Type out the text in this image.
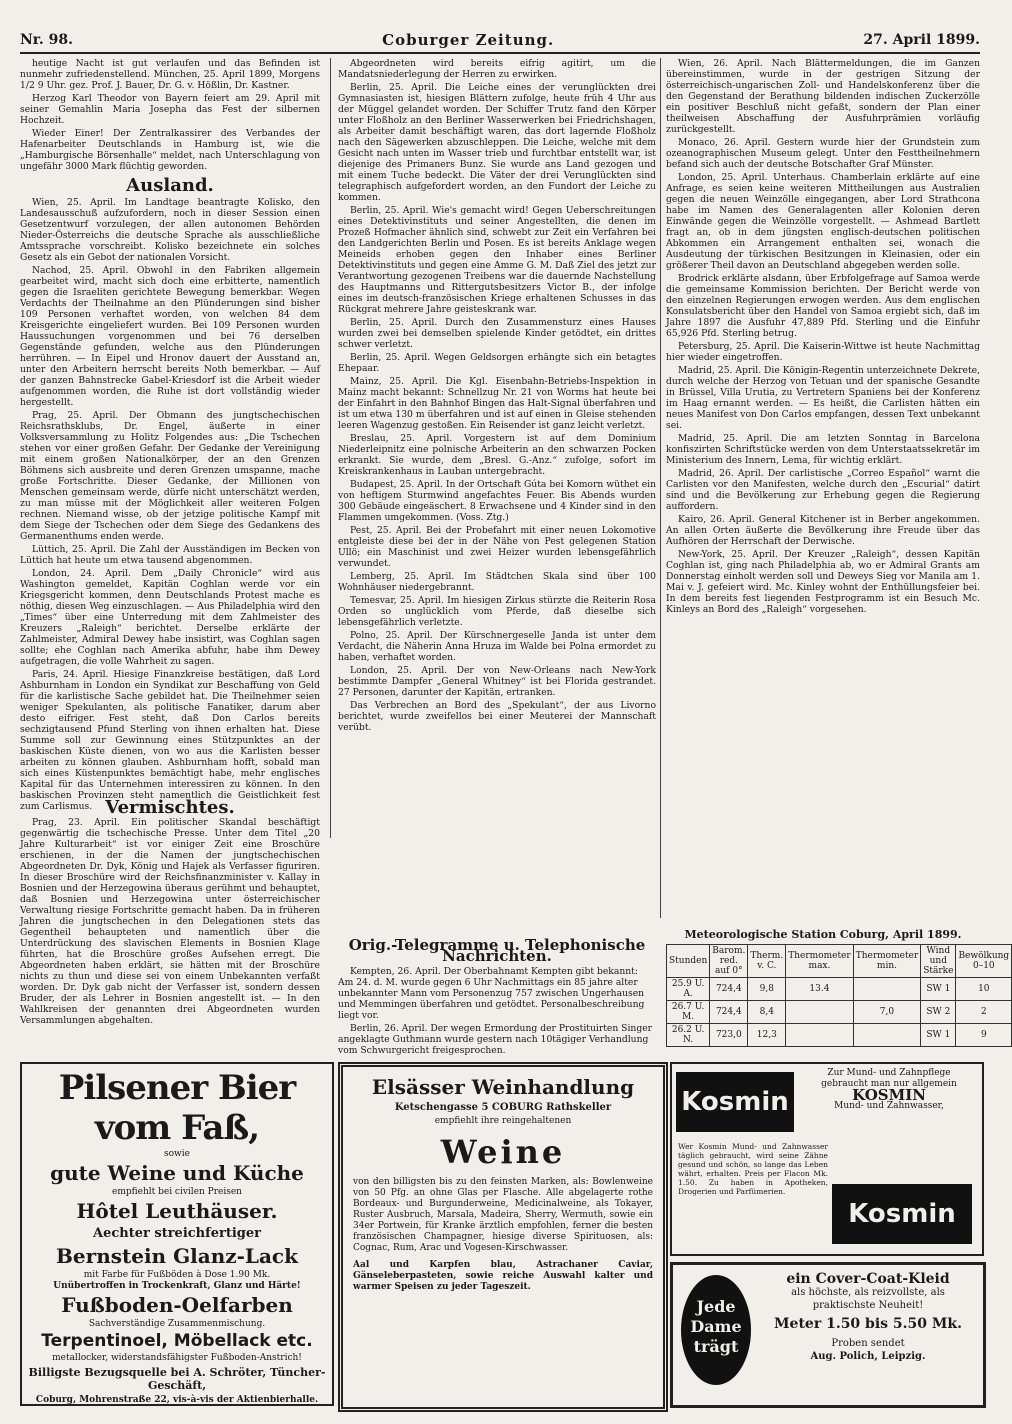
Nr. 98.	Coburger Zeitung.	27. April 1899.

heutige Nacht ist gut verlaufen und das Befinden ist nunmehr zufriedenstellend. München, 25. April 1899, Morgens 1/2 9 Uhr. gez. Prof. J. Bauer, Dr. G. v. Hößlin, Dr. Kastner.

Herzog Karl Theodor von Bayern feiert am 29. April mit seiner Gemahlin Maria Josepha das Fest der silbernen Hochzeit.

Wieder Einer! Der Zentralkassirer des Verbandes der Hafenarbeiter Deutschlands in Hamburg ist, wie die „Hamburgische Börsenhalle“ meldet, nach Unterschlagung von ungefähr 3000 Mark flüchtig geworden.

Ausland.

Wien, 25. April. Im Landtage beantragte Kolisko, den Landesausschuß aufzufordern, noch in dieser Session einen Gesetzentwurf vorzulegen, der allen autonomen Behörden Nieder-Österreichs die deutsche Sprache als ausschließliche Amtssprache vorschreibt. Kolisko bezeichnete ein solches Gesetz als ein Gebot der nationalen Vorsicht.

Nachod, 25. April. Obwohl in den Fabriken allgemein gearbeitet wird, macht sich doch eine erbitterte, namentlich gegen die Israeliten gerichtete Bewegung bemerkbar. Wegen Verdachts der Theilnahme an den Plünderungen sind bisher 109 Personen verhaftet worden, von welchen 84 dem Kreisgerichte eingeliefert wurden. Bei 109 Personen wurden Haussuchungen vorgenommen und bei 76 derselben Gegenstände gefunden, welche aus den Plünderungen herrühren. — In Eipel und Hronov dauert der Ausstand an, unter den Arbeitern herrscht bereits Noth bemerkbar. — Auf der ganzen Bahnstrecke Gabel-Kriesdorf ist die Arbeit wieder aufgenommen worden, die Ruhe ist dort vollständig wieder hergestellt.

Prag, 25. April. Der Obmann des jungtschechischen Reichsrathsklubs, Dr. Engel, äußerte in einer Volksversammlung zu Holitz Folgendes aus: „Die Tschechen stehen vor einer großen Gefahr. Der Gedanke der Vereinigung mit einem großen Nationalkörper, der an den Grenzen Böhmens sich ausbreite und deren Grenzen umspanne, mache große Fortschritte. Dieser Gedanke, der Millionen von Menschen gemeinsam werde, dürfe nicht unterschätzt werden, zu man müsse mit der Möglichkeit aller weiteren Folgen rechnen. Niemand wisse, ob der jetzige politische Kampf mit dem Siege der Tschechen oder dem Siege des Gedankens des Germanenthums enden werde.

Lüttich, 25. April. Die Zahl der Ausständigen im Becken von Lüttich hat heute um etwa tausend abgenommen.

London, 24. April. Dem „Daily Chronicle“ wird aus Washington gemeldet, Kapitän Coghlan werde vor ein Kriegsgericht kommen, denn Deutschlands Protest mache es nöthig, diesen Weg einzuschlagen. — Aus Philadelphia wird den „Times“ über eine Unterredung mit dem Zahlmeister des Kreuzers „Raleigh“ berichtet. Derselbe erklärte der Zahlmeister, Admiral Dewey habe insistirt, was Coghlan sagen sollte; ehe Coghlan nach Amerika abfuhr, habe ihm Dewey aufgetragen, die volle Wahrheit zu sagen.

Paris, 24. April. Hiesige Finanzkreise bestätigen, daß Lord Ashburnham in London ein Syndikat zur Beschaffung von Geld für die karlistische Sache gebildet hat. Die Theilnehmer seien weniger Spekulanten, als politische Fanatiker, darum aber desto eifriger. Fest steht, daß Don Carlos bereits sechzigtausend Pfund Sterling von ihnen erhalten hat. Diese Summe soll zur Gewinnung eines Stützpunktes an der baskischen Küste dienen, von wo aus die Karlisten besser arbeiten zu können glauben. Ashburnham hofft, sobald man sich eines Küstenpunktes bemächtigt habe, mehr englisches Kapital für das Unternehmen interessiren zu können. In den baskischen Provinzen steht namentlich die Geistlichkeit fest zum Carlismus. Vermischtes.

Prag, 23. April. Ein politischer Skandal beschäftigt gegenwärtig die tschechische Presse. Unter dem Titel „20 Jahre Kulturarbeit“ ist vor einiger Zeit eine Broschüre erschienen, in der die Namen der jungtschechischen Abgeordneten Dr. Dyk, König und Hajek als Verfasser figuriren. In dieser Broschüre wird der Reichsfinanzminister v. Kallay in Bosnien und der Herzegowina überaus gerühmt und behauptet, daß Bosnien und Herzegowina unter österreichischer Verwaltung riesige Fortschritte gemacht haben. Da in früheren Jahren die jungtschechen in den Delegationen stets das Gegentheil behaupteten und namentlich über die Unterdrückung des slavischen Elements in Bosnien Klage führten, hat die Broschüre großes Aufsehen erregt. Die Abgeordneten haben erklärt, sie hätten mit der Broschüre nichts zu thun und diese sei von einem Unbekannten verfaßt worden. Dr. Dyk gab nicht der Verfasser ist, sondern dessen Bruder, der als Lehrer in Bosnien angestellt ist. — In den Wahlkreisen der genannten drei Abgeordneten wurden Versammlungen abgehalten.

Abgeordneten wird bereits eifrig agitirt, um die Mandatsniederlegung der Herren zu erwirken.

Berlin, 25. April. Die Leiche eines der verunglückten drei Gymnasiasten ist, hiesigen Blättern zufolge, heute früh 4 Uhr aus der Müggel gelandet worden. Der Schiffer Trutz fand den Körper unter Floßholz an den Berliner Wasserwerken bei Friedrichshagen, als Arbeiter damit beschäftigt waren, das dort lagernde Floßholz nach den Sägewerken abzuschleppen. Die Leiche, welche mit dem Gesicht nach unten im Wasser trieb und furchtbar entstellt war, ist diejenige des Primaners Bunz. Sie wurde ans Land gezogen und mit einem Tuche bedeckt. Die Väter der drei Verunglückten sind telegraphisch aufgefordert worden, an den Fundort der Leiche zu kommen.

Berlin, 25. April. Wie's gemacht wird! Gegen Ueberschreitungen eines Detektivinstituts und seiner Angestellten, die denen im Prozeß Hofmacher ähnlich sind, schwebt zur Zeit ein Verfahren bei den Landgerichten Berlin und Posen. Es ist bereits Anklage wegen Meineids erhoben gegen den Inhaber eines Berliner Detektivinstituts und gegen eine Amme G. M. Daß Ziel des jetzt zur Verantwortung gezogenen Treibens war die dauernde Nachstellung des Hauptmanns und Rittergutsbesitzers Victor B., der infolge eines im deutsch-französischen Kriege erhaltenen Schusses in das Rückgrat mehrere Jahre geisteskrank war.

Berlin, 25. April. Durch den Zusammensturz eines Hauses wurden zwei bei demselben spielende Kinder getödtet, ein drittes schwer verletzt.

Berlin, 25. April. Wegen Geldsorgen erhängte sich ein betagtes Ehepaar.

Mainz, 25. April. Die Kgl. Eisenbahn-Betriebs-Inspektion in Mainz macht bekannt: Schnellzug Nr. 21 von Worms hat heute bei der Einfahrt in den Bahnhof Bingen das Halt-Signal überfahren und ist um etwa 130 m überfahren und ist auf einen in Gleise stehenden leeren Wagenzug gestoßen. Ein Reisender ist ganz leicht verletzt.

Breslau, 25. April. Vorgestern ist auf dem Dominium Niederleipnitz eine polnische Arbeiterin an den schwarzen Pocken erkrankt. Sie wurde, dem „Bresl. G.-Anz.“ zufolge, sofort im Kreiskrankenhaus in Lauban untergebracht.

Budapest, 25. April. In der Ortschaft Gúta bei Komorn wüthet ein von heftigem Sturmwind angefachtes Feuer. Bis Abends wurden 300 Gebäude eingeäschert. 8 Erwachsene und 4 Kinder sind in den Flammen umgekommen. (Voss. Ztg.)

Pest, 25. April. Bei der Probefahrt mit einer neuen Lokomotive entgleiste diese bei der in der Nähe von Pest gelegenen Station Ullö; ein Maschinist und zwei Heizer wurden lebensgefährlich verwundet.

Lemberg, 25. April. Im Städtchen Skala sind über 100 Wohnhäuser niedergebrannt.

Temesvar, 25. April. Im hiesigen Zirkus stürzte die Reiterin Rosa Orden so unglücklich vom Pferde, daß dieselbe sich lebensgefährlich verletzte.

Polno, 25. April. Der Kürschnergeselle Janda ist unter dem Verdacht, die Näherin Anna Hruza im Walde bei Polna ermordet zu haben, verhaftet worden.

London, 25. April. Der von New-Orleans nach New-York bestimmte Dampfer „General Whitney“ ist bei Florida gestrandet. 27 Personen, darunter der Kapitän, ertranken.

Das Verbrechen an Bord des „Spekulant“, der aus Livorno berichtet, wurde zweifellos bei einer Meuterei der Mannschaft verübt.

Orig.-Telegramme u. Telephonische Nachrichten.

Kempten, 26. April. Der Oberbahnamt Kempten gibt bekannt: Am 24. d. M. wurde gegen 6 Uhr Nachmittags ein 85 jahre alter unbekannter Mann vom Personenzug 757 zwischen Ungerhausen und Memmingen überfahren und getödtet. Personalbeschreibung liegt vor.

Berlin, 26. April. Der wegen Ermordung der Prostituirten Singer angeklagte Guthmann wurde gestern nach 10tägiger Verhandlung vom Schwurgericht freigesprochen.

Wien, 26. April. Nach Blättermeldungen, die im Ganzen übereinstimmen, wurde in der gestrigen Sitzung der österreichisch-ungarischen Zoll- und Handelskonferenz über die den Gegenstand der Berathung bildenden indischen Zuckerzölle ein positiver Beschluß nicht gefaßt, sondern der Plan einer theilweisen Abschaffung der Ausfuhrprämien vorläufig zurückgestellt.

Monaco, 26. April. Gestern wurde hier der Grundstein zum ozeanographischen Museum gelegt. Unter den Festtheilnehmern befand sich auch der deutsche Botschafter Graf Münster.

London, 25. April. Unterhaus. Chamberlain erklärte auf eine Anfrage, es seien keine weiteren Mittheilungen aus Australien gegen die neuen Weinzölle eingegangen, aber Lord Strathcona habe im Namen des Generalagenten aller Kolonien deren Einwände gegen die Weinzölle vorgestellt. — Ashmead Bartlett fragt an, ob in dem jüngsten englisch-deutschen politischen Abkommen ein Arrangement enthalten sei, wonach die Ausdeutung der türkischen Besitzungen in Kleinasien, oder ein größerer Theil davon an Deutschland abgegeben werden solle.

Brodrick erklärte alsdann, über Erbfolgefrage auf Samoa werde die gemeinsame Kommission berichten. Der Bericht werde von den einzelnen Regierungen erwogen werden. Aus dem englischen Konsulatsbericht über den Handel von Samoa ergiebt sich, daß im Jahre 1897 die Ausfuhr 47,889 Pfd. Sterling und die Einfuhr 65,926 Pfd. Sterling betrug.

Petersburg, 25. April. Die Kaiserin-Wittwe ist heute Nachmittag hier wieder eingetroffen.

Madrid, 25. April. Die Königin-Regentin unterzeichnete Dekrete, durch welche der Herzog von Tetuan und der spanische Gesandte in Brüssel, Villa Urutia, zu Vertretern Spaniens bei der Konferenz im Haag ernannt werden. — Es heißt, die Carlisten hätten ein neues Manifest von Don Carlos empfangen, dessen Text unbekannt sei.

Madrid, 25. April. Die am letzten Sonntag in Barcelona konfiszirten Schriftstücke werden von dem Unterstaatssekretär im Ministerium des Innern, Lema, für wichtig erklärt.

Madrid, 26. April. Der carlistische „Correo Español“ warnt die Carlisten vor den Manifesten, welche durch den „Escurial“ datirt sind und die Bevölkerung zur Erhebung gegen die Regierung auffordern.

Kairo, 26. April. General Kitchener ist in Berber angekommen. An allen Orten äußerte die Bevölkerung ihre Freude über das Aufhören der Herrschaft der Derwische.

New-York, 25. April. Der Kreuzer „Raleigh“, dessen Kapitän Coghlan ist, ging nach Philadelphia ab, wo er Admiral Grants am Donnerstag einholt werden soll und Deweys Sieg vor Manila am 1. Mai v. J. gefeiert wird. Mc. Kinley wohnt der Enthüllungsfeier bei. In dem bereits fest liegenden Festprogramm ist ein Besuch Mc. Kinleys an Bord des „Raleigh“ vorgesehen.

Meteorologische Station Coburg, April 1899.
Stunden	Barom. red. auf 0°	Therm. v. C.	Thermometer max.	Thermometer min.	Wind und Stärke	Bewölkung 0–10
25.9 U. A.	724,4	9,8	13.4		SW 1	10
26.7 U. M.	724,4	8,4		7,0	SW 2	2
26.2 U. N.	723,0	12,3			SW 1	9
Pilsener Bier vom Faß,
sowie
gute Weine und Küche
empfiehlt bei civilen Preisen
Hôtel Leuthäuser.
Aechter streichfertiger
Bernstein Glanz-Lack
mit Farbe für Fußböden à Dose 1.90 Mk.
Unübertroffen in Trockenkraft, Glanz und Härte!
Fußboden-Oelfarben
Sachverständige Zusammenmischung.
Terpentinoel, Möbellack etc.
metallocker, widerstandsfähigster Fußboden-Anstrich!
Billigste Bezugsquelle bei A. Schröter, Tüncher-Geschäft,
Coburg, Mohrenstraße 22, vis-à-vis der Aktienbierhalle.
Elsässer Weinhandlung
Ketschengasse 5 COBURG Rathskeller
empfiehlt ihre reingehaltenen
Weine
von den billigsten bis zu den feinsten Marken, als: Bowlenweine von 50 Pfg. an ohne Glas per Flasche. Alle abgelagerte rothe Bordeaux- und Burgunderweine, Medicinalweine, als Tokayer, Ruster Ausbruch, Marsala, Madeira, Sherry, Wermuth, sowie ein 34er Portwein, für Kranke ärztlich empfohlen, ferner die besten französischen Champagner, hiesige diverse Spirituosen, als: Cognac, Rum, Arac und Vogesen-Kirschwasser.
Aal und Karpfen blau, Astrachaner Caviar, Gänseleberpasteten, sowie reiche Auswahl kalter und warmer Speisen zu jeder Tageszeit.
Kosmin
Kosmin
Zur Mund- und Zahnpflege
gebraucht man nur allgemein
KOSMIN
Mund- und Zahnwasser,
Wer Kosmin Mund- und Zahnwasser täglich gebraucht, wird seine Zähne gesund und schön, so lange das Leben währt, erhalten. Preis per Flacon Mk. 1.50. Zu haben in Apotheken, Drogerien und Parfümerien.
Jede Dame trägt
ein Cover-Coat-Kleid
als höchste, als reizvollste, als praktischste Neuheit!
Meter 1.50 bis 5.50 Mk.
Proben sendet
Aug. Polich, Leipzig.
